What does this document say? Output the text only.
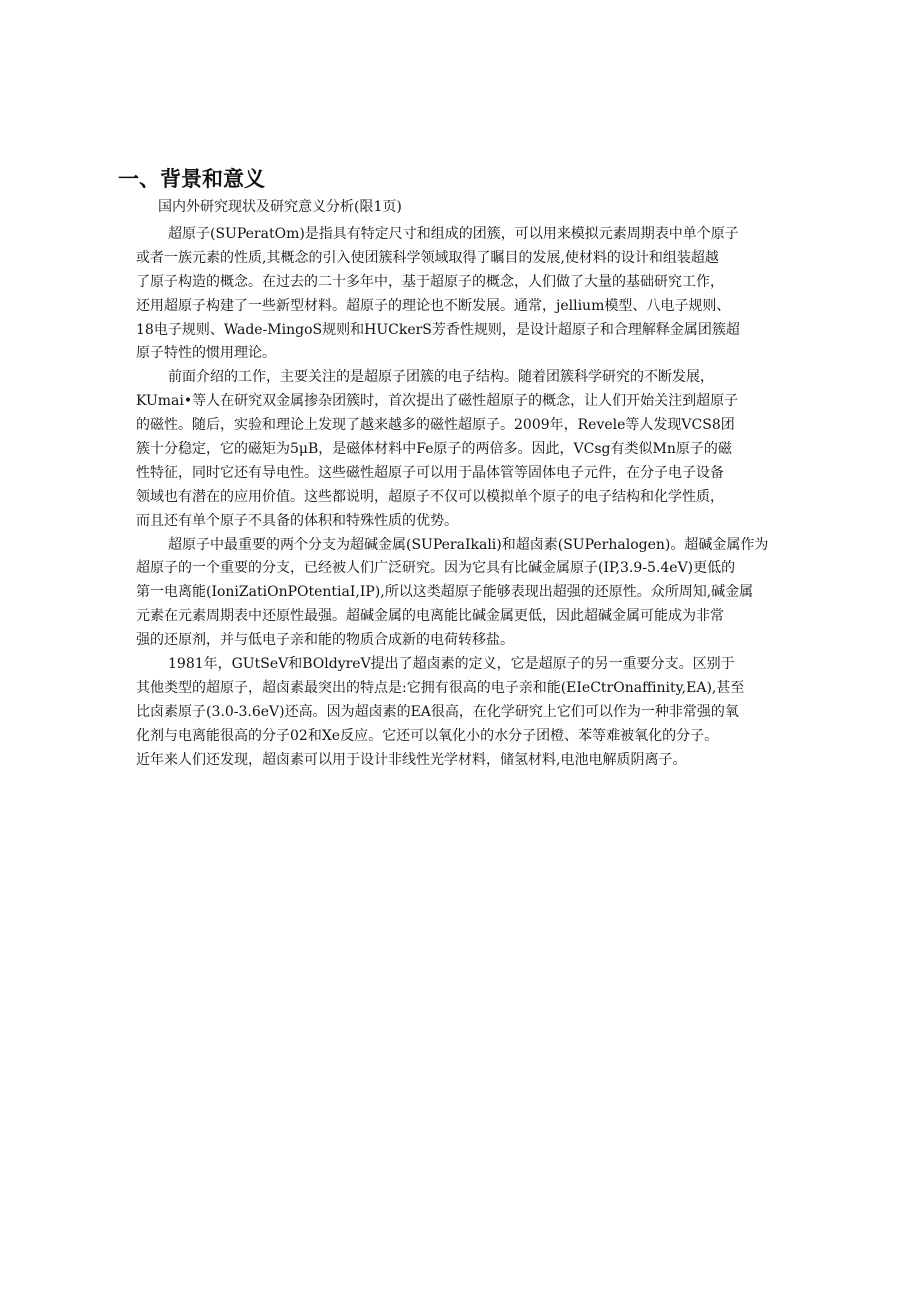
一、背景和意义
国内外研究现状及研究意义分析(限1页)
超原子(SUPeratOm)是指具有特定尺寸和组成的团簇，可以用来模拟元素周期表中单个原子
或者一族元素的性质,其概念的引入使团簇科学领域取得了瞩目的发展,使材料的设计和组装超越
了原子构造的概念。在过去的二十多年中，基于超原子的概念，人们做了大量的基础研究工作，
还用超原子构建了一些新型材料。超原子的理论也不断发展。通常，jellium模型、八电子规则、
18电子规则、Wade-MingoS规则和HUCkerS芳香性规则，是设计超原子和合理解释金属团簇超
原子特性的惯用理论。
前面介绍的工作，主要关注的是超原子团簇的电子结构。随着团簇科学研究的不断发展，
KUmai•等人在研究双金属掺杂团簇时，首次提出了磁性超原子的概念，让人们开始关注到超原子
的磁性。随后，实验和理论上发现了越来越多的磁性超原子。2009年，Revele等人发现VCS8团
簇十分稳定，它的磁矩为5μB，是磁体材料中Fe原子的两倍多。因此，VCsg有类似Mn原子的磁
性特征，同时它还有导电性。这些磁性超原子可以用于晶体管等固体电子元件，在分子电子设备
领域也有潜在的应用价值。这些都说明，超原子不仅可以模拟单个原子的电子结构和化学性质，
而且还有单个原子不具备的体积和特殊性质的优势。
超原子中最重要的两个分支为超碱金属(SUPeraIkali)和超卤素(SUPerhalogen)。超碱金属作为
超原子的一个重要的分支，已经被人们广泛研究。因为它具有比碱金属原子(IP,3.9-5.4eV)更低的
第一电离能(IoniZatiOnPOtentiaI,IP),所以这类超原子能够表现出超强的还原性。众所周知,碱金属
元素在元素周期表中还原性最强。超碱金属的电离能比碱金属更低，因此超碱金属可能成为非常
强的还原剂，并与低电子亲和能的物质合成新的电荷转移盐。
1981年，GUtSeV和BOldyreV提出了超卤素的定义，它是超原子的另一重要分支。区别于
其他类型的超原子，超卤素最突出的特点是:它拥有很高的电子亲和能(EIeCtrOnaffinity,EA),甚至
比卤素原子(3.0-3.6eV)还高。因为超卤素的EA很高，在化学研究上它们可以作为一种非常强的氧
化剂与电离能很高的分子02和Xe反应。它还可以氧化小的水分子团橙、苯等难被氧化的分子。
近年来人们还发现，超卤素可以用于设计非线性光学材料，储氢材料,电池电解质阴离子。
